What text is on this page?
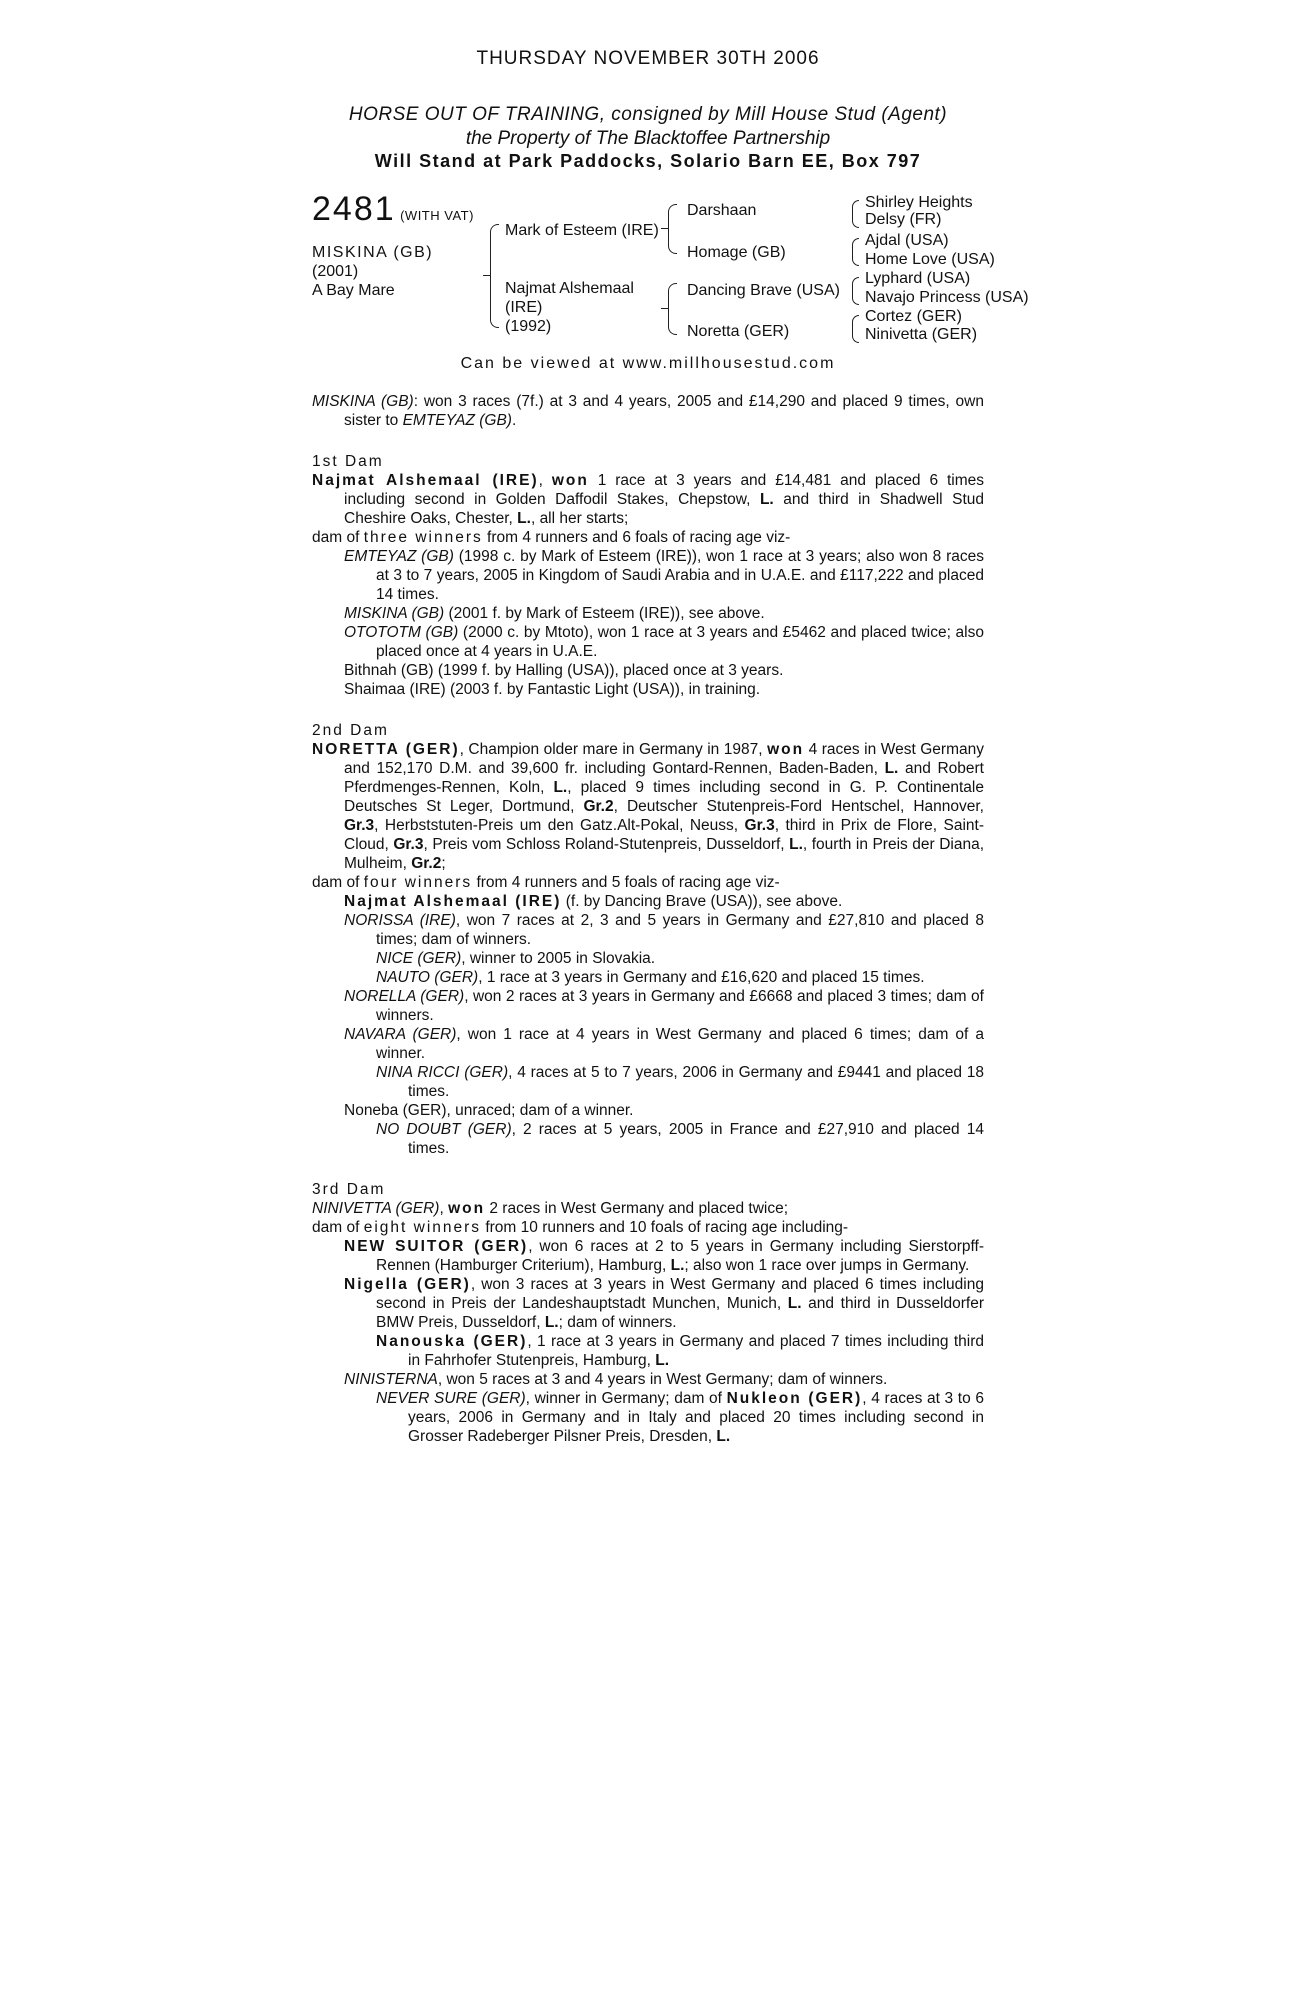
THURSDAY NOVEMBER 30TH 2006
HORSE OUT OF TRAINING, consigned by Mill House Stud (Agent)
the Property of The Blacktoffee Partnership
Will Stand at Park Paddocks, Solario Barn EE, Box 797
2481 (WITH VAT)
MISKINA (GB)
(2001)
A Bay Mare
Mark of Esteem (IRE)
Najmat Alshemaal
(IRE)
(1992)
Darshaan
Homage (GB)
Dancing Brave (USA)
Noretta (GER)
Shirley Heights
Delsy (FR)
Ajdal (USA)
Home Love (USA)
Lyphard (USA)
Navajo Princess (USA)
Cortez (GER)
Ninivetta (GER)
Can be viewed at www.millhousestud.com

MISKINA (GB): won 3 races (7f.) at 3 and 4 years, 2005 and £14,290 and placed 9 times, own sister to EMTEYAZ (GB).

1st Dam

Najmat Alshemaal (IRE), won 1 race at 3 years and £14,481 and placed 6 times including second in Golden Daffodil Stakes, Chepstow, L. and third in Shadwell Stud Cheshire Oaks, Chester, L., all her starts;

dam of three winners from 4 runners and 6 foals of racing age viz-

EMTEYAZ (GB) (1998 c. by Mark of Esteem (IRE)), won 1 race at 3 years; also won 8 races at 3 to 7 years, 2005 in Kingdom of Saudi Arabia and in U.A.E. and £117,222 and placed 14 times.

MISKINA (GB) (2001 f. by Mark of Esteem (IRE)), see above.

OTOTOTM (GB) (2000 c. by Mtoto), won 1 race at 3 years and £5462 and placed twice; also placed once at 4 years in U.A.E.

Bithnah (GB) (1999 f. by Halling (USA)), placed once at 3 years.

Shaimaa (IRE) (2003 f. by Fantastic Light (USA)), in training.

2nd Dam

NORETTA (GER), Champion older mare in Germany in 1987, won 4 races in West Germany and 152,170 D.M. and 39,600 fr. including Gontard-Rennen, Baden-Baden, L. and Robert Pferdmenges-Rennen, Koln, L., placed 9 times including second in G. P. Continentale Deutsches St Leger, Dortmund, Gr.2, Deutscher Stutenpreis-Ford Hentschel, Hannover, Gr.3, Herbststuten-Preis um den Gatz.Alt-Pokal, Neuss, Gr.3, third in Prix de Flore, Saint-Cloud, Gr.3, Preis vom Schloss Roland-Stutenpreis, Dusseldorf, L., fourth in Preis der Diana, Mulheim, Gr.2;

dam of four winners from 4 runners and 5 foals of racing age viz-

Najmat Alshemaal (IRE) (f. by Dancing Brave (USA)), see above.

NORISSA (IRE), won 7 races at 2, 3 and 5 years in Germany and £27,810 and placed 8 times; dam of winners.

NICE (GER), winner to 2005 in Slovakia.

NAUTO (GER), 1 race at 3 years in Germany and £16,620 and placed 15 times.

NORELLA (GER), won 2 races at 3 years in Germany and £6668 and placed 3 times; dam of winners.

NAVARA (GER), won 1 race at 4 years in West Germany and placed 6 times; dam of a winner.

NINA RICCI (GER), 4 races at 5 to 7 years, 2006 in Germany and £9441 and placed 18 times.

Noneba (GER), unraced; dam of a winner.

NO DOUBT (GER), 2 races at 5 years, 2005 in France and £27,910 and placed 14 times.

3rd Dam

NINIVETTA (GER), won 2 races in West Germany and placed twice;

dam of eight winners from 10 runners and 10 foals of racing age including-

NEW SUITOR (GER), won 6 races at 2 to 5 years in Germany including Sierstorpff-Rennen (Hamburger Criterium), Hamburg, L.; also won 1 race over jumps in Germany.

Nigella (GER), won 3 races at 3 years in West Germany and placed 6 times including second in Preis der Landeshauptstadt Munchen, Munich, L. and third in Dusseldorfer BMW Preis, Dusseldorf, L.; dam of winners.

Nanouska (GER), 1 race at 3 years in Germany and placed 7 times including third in Fahrhofer Stutenpreis, Hamburg, L.

NINISTERNA, won 5 races at 3 and 4 years in West Germany; dam of winners.

NEVER SURE (GER), winner in Germany; dam of Nukleon (GER), 4 races at 3 to 6 years, 2006 in Germany and in Italy and placed 20 times including second in Grosser Radeberger Pilsner Preis, Dresden, L.
